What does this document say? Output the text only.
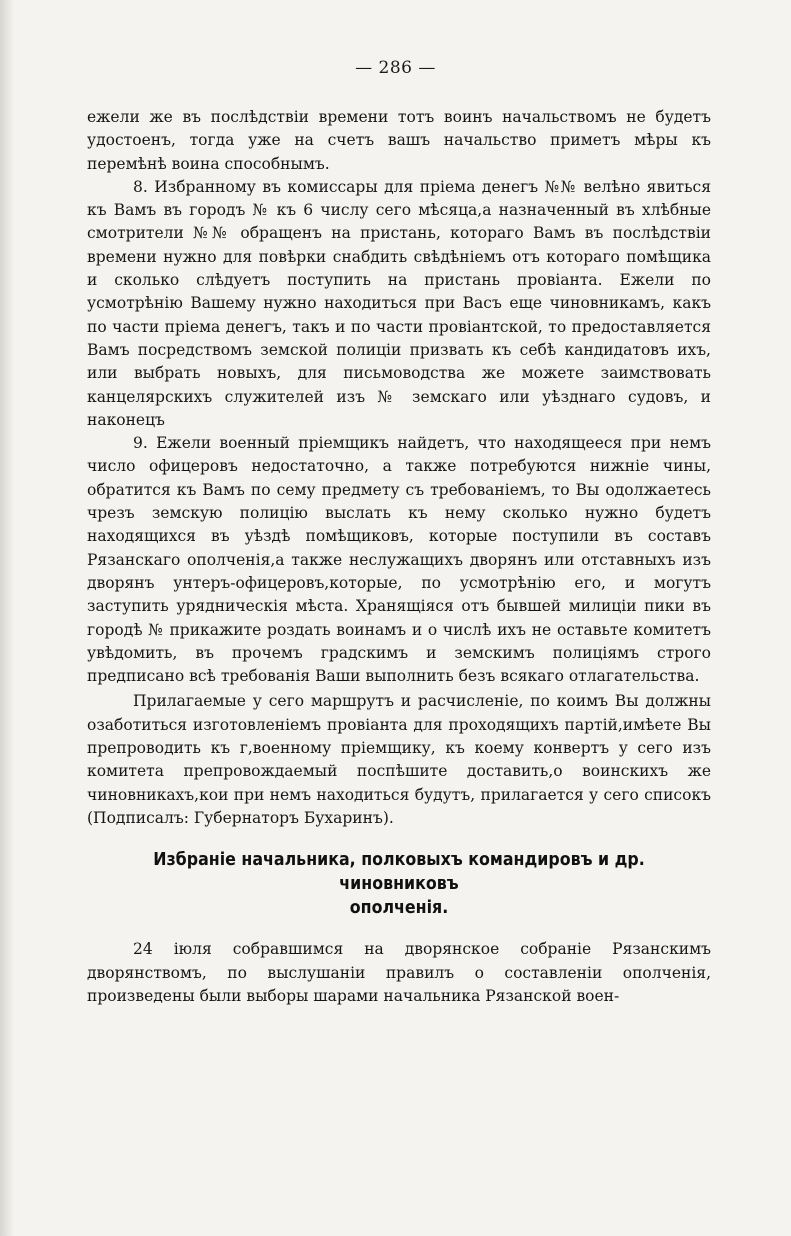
— 286 —

ежели же въ послѣдствіи времени тотъ воинъ начальствомъ не будетъ удостоенъ, тогда уже на счетъ вашъ начальство приметъ мѣры къ перемѣнѣ воина способнымъ.

8. Избранному въ комиссары для пріема денегъ №№ велѣно явиться къ Вамъ въ городъ № къ 6 числу сего мѣсяца,а назначенный въ хлѣбные смотрители №№ обращенъ на пристань, котораго Вамъ въ послѣдствіи времени нужно для повѣрки снабдить свѣдѣніемъ отъ котораго помѣщика и сколько слѣдуетъ поступить на пристань провіанта. Ежели по усмотрѣнію Вашему нужно находиться при Васъ еще чиновникамъ, какъ по части пріема денегъ, такъ и по части провіантской, то предоставляется Вамъ посредствомъ земской полиціи призвать къ себѣ кандидатовъ ихъ, или выбрать новыхъ, для письмоводства же можете заимствовать канцелярскихъ служителей изъ № земскаго или уѣзднаго судовъ, и наконецъ

9. Ежели военный пріемщикъ найдетъ, что находящееся при немъ число офицеровъ недостаточно, а также потребуются нижніе чины, обратится къ Вамъ по сему предмету съ требованіемъ, то Вы одолжаетесь чрезъ земскую полицію выслать къ нему сколько нужно будетъ находящихся въ уѣздѣ помѣщиковъ, которые поступили въ составъ Рязанскаго ополченія,а также неслужащихъ дворянъ или отставныхъ изъ дворянъ унтеръ-офицеровъ,которые, по усмотрѣнію его, и могутъ заступить урядническія мѣста. Хранящіяся отъ бывшей милиціи пики въ городѣ № прикажите роздать воинамъ и о числѣ ихъ не оставьте комитетъ увѣдомить, въ прочемъ градскимъ и земскимъ полиціямъ строго предписано всѣ требованія Ваши выполнить безъ всякаго отлагательства.

Прилагаемые у сего маршрутъ и расчисленіе, по коимъ Вы должны озаботиться изготовленіемъ провіанта для проходящихъ партій,имѣете Вы препроводить къ г,военному пріемщику, къ коему конвертъ у сего изъ комитета препровождаемый поспѣшите доставить,о воинскихъ же чиновникахъ,кои при немъ находиться будутъ, прилагается у сего списокъ (Подписалъ: Губернаторъ Бухаринъ).

Избраніе начальника, полковыхъ командировъ и др. чиновниковъ
ополченія.

24 іюля собравшимся на дворянское собраніе Рязанскимъ дворянствомъ, по выслушаніи правилъ о составленіи ополченія, произведены были выборы шарами начальника Рязанской воен-
